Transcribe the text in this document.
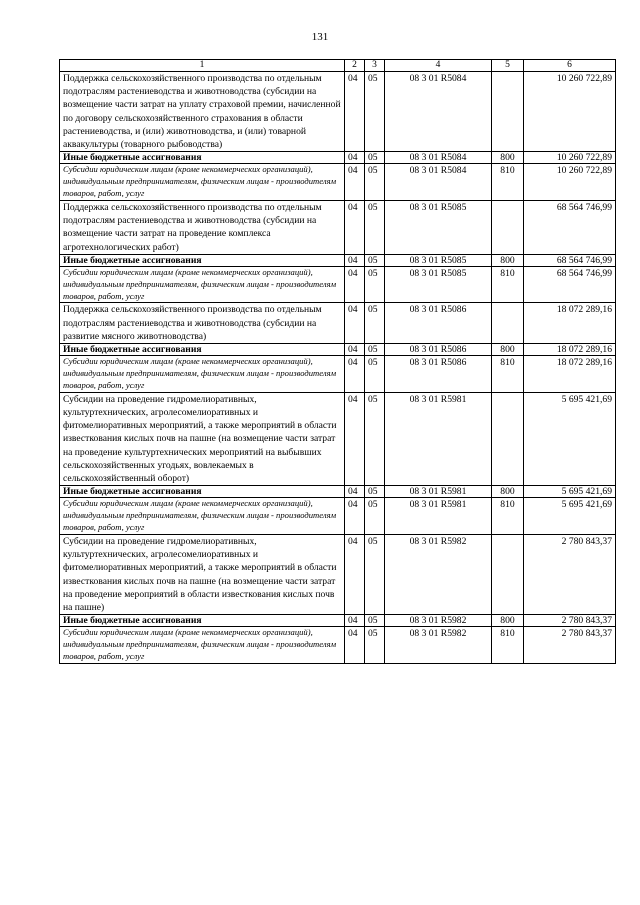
131
1	2	3	4	5	6
Поддержка сельскохозяйственного производства по отдельным подотраслям растениеводства и животноводства (субсидии на возмещение части затрат на уплату страховой премии, начисленной по договору сельскохозяйственного страхования в области растениеводства, и (или) животноводства, и (или) товарной аквакультуры (товарного рыбоводства)	04	05	08 3 01 R5084		10 260 722,89
Иные бюджетные ассигнования	04	05	08 3 01 R5084	800	10 260 722,89
Субсидии юридическим лицам (кроме некоммерческих организаций), индивидуальным предпринимателям, физическим лицам - производителям товаров, работ, услуг	04	05	08 3 01 R5084	810	10 260 722,89
Поддержка сельскохозяйственного производства по отдельным подотраслям растениеводства и животноводства (субсидии на возмещение части затрат на проведение комплекса агротехнологических работ)	04	05	08 3 01 R5085		68 564 746,99
Иные бюджетные ассигнования	04	05	08 3 01 R5085	800	68 564 746,99
Субсидии юридическим лицам (кроме некоммерческих организаций), индивидуальным предпринимателям, физическим лицам - производителям товаров, работ, услуг	04	05	08 3 01 R5085	810	68 564 746,99
Поддержка сельскохозяйственного производства по отдельным подотраслям растениеводства и животноводства (субсидии на развитие мясного животноводства)	04	05	08 3 01 R5086		18 072 289,16
Иные бюджетные ассигнования	04	05	08 3 01 R5086	800	18 072 289,16
Субсидии юридическим лицам (кроме некоммерческих организаций), индивидуальным предпринимателям, физическим лицам - производителям товаров, работ, услуг	04	05	08 3 01 R5086	810	18 072 289,16
Субсидии на проведение гидромелиоративных, культуртехнических, агролесомелиоративных и фитомелиоративных мероприятий, а также мероприятий в области известкования кислых почв на пашне (на возмещение части затрат на проведение культуртехнических мероприятий на выбывших сельскохозяйственных угодьях, вовлекаемых в сельскохозяйственный оборот)	04	05	08 3 01 R5981		5 695 421,69
Иные бюджетные ассигнования	04	05	08 3 01 R5981	800	5 695 421,69
Субсидии юридическим лицам (кроме некоммерческих организаций), индивидуальным предпринимателям, физическим лицам - производителям товаров, работ, услуг	04	05	08 3 01 R5981	810	5 695 421,69
Субсидии на проведение гидромелиоративных, культуртехнических, агролесомелиоративных и фитомелиоративных мероприятий, а также мероприятий в области известкования кислых почв на пашне (на возмещение части затрат на проведение мероприятий в области известкования кислых почв на пашне)	04	05	08 3 01 R5982		2 780 843,37
Иные бюджетные ассигнования	04	05	08 3 01 R5982	800	2 780 843,37
Субсидии юридическим лицам (кроме некоммерческих организаций), индивидуальным предпринимателям, физическим лицам - производителям товаров, работ, услуг	04	05	08 3 01 R5982	810	2 780 843,37
